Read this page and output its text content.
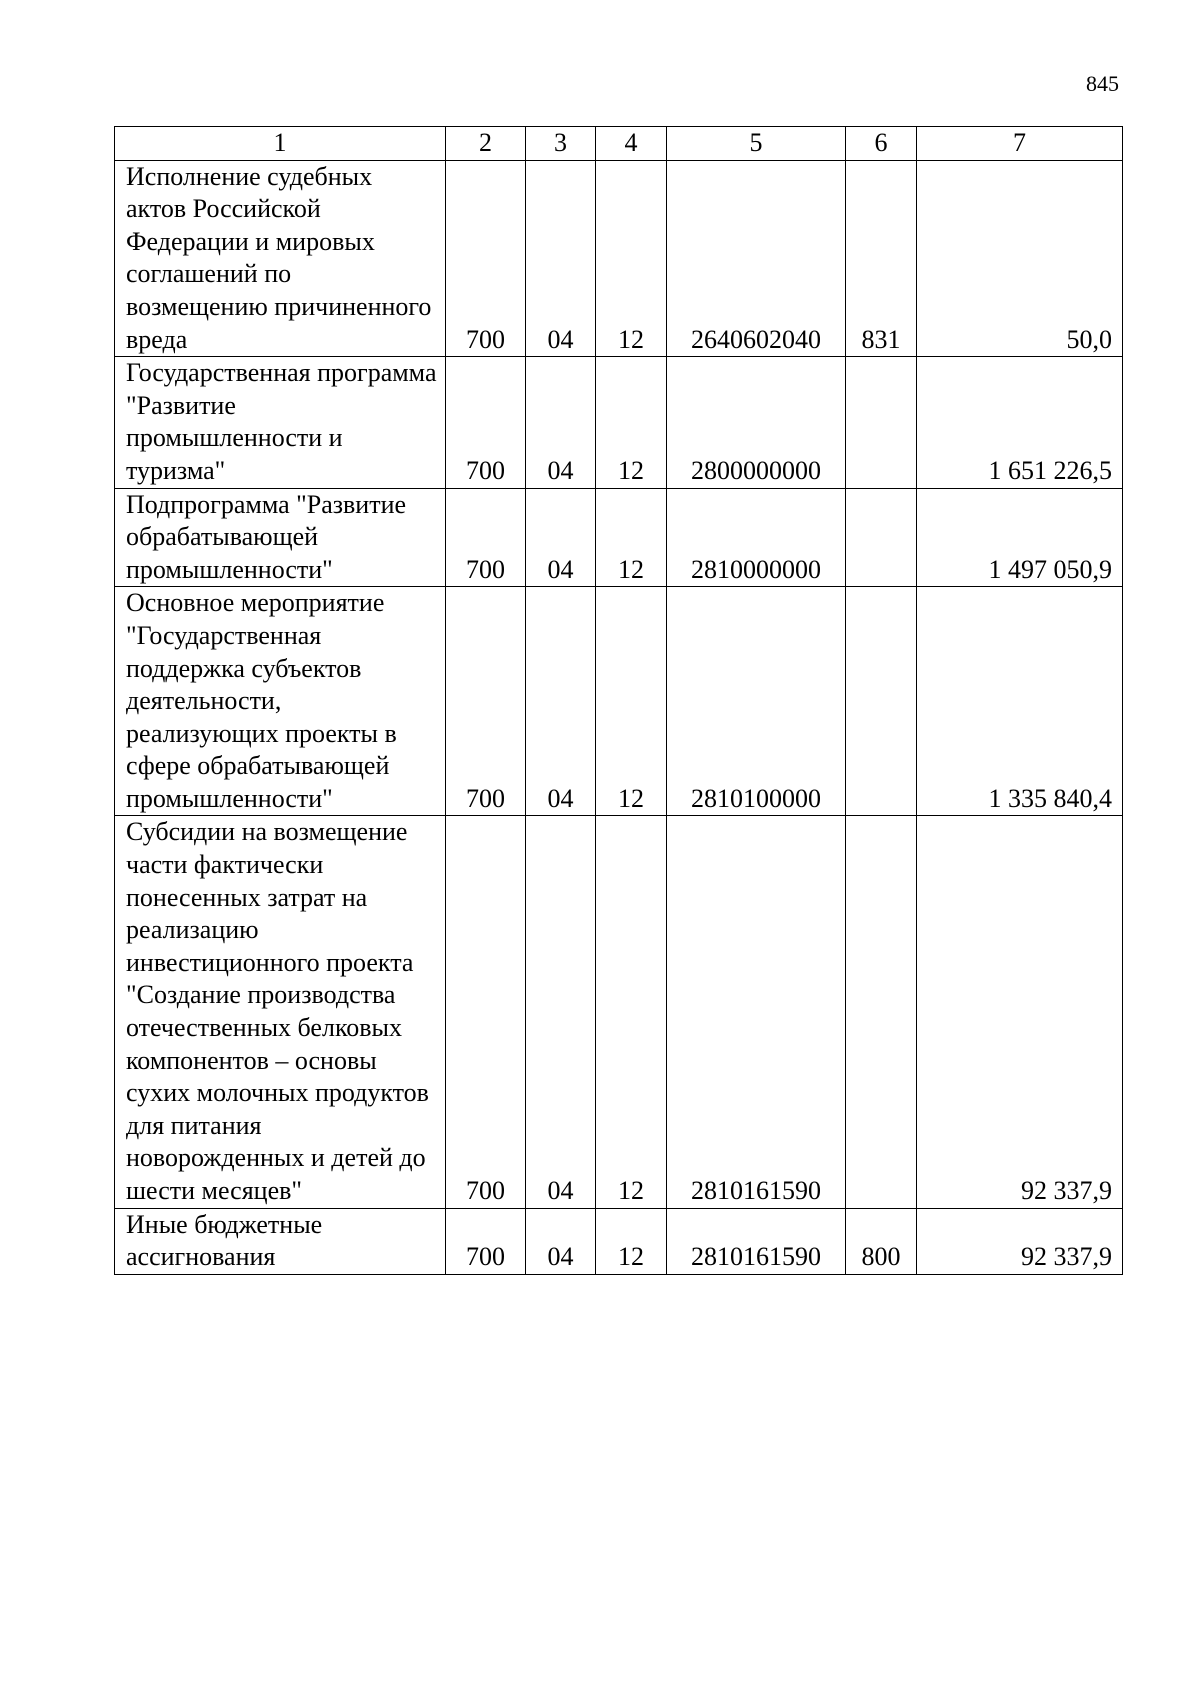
845
1	2	3	4	5	6	7
Исполнение судебных актов Российской Федерации и мировых соглашений по возмещению причиненного вреда	700	04	12	2640602040	831	50,0
Государственная программа "Развитие промышленности и туризма"	700	04	12	2800000000		1 651 226,5
Подпрограмма "Развитие обрабатывающей промышленности"	700	04	12	2810000000		1 497 050,9
Основное мероприятие "Государственная поддержка субъектов деятельности, реализующих проекты в сфере обрабатывающей промышленности"	700	04	12	2810100000		1 335 840,4
Субсидии на возмещение части фактически понесенных затрат на реализацию инвестиционного проекта "Создание производства отечественных белковых компонентов – основы сухих молочных продуктов для питания новорожденных и детей до шести месяцев"	700	04	12	2810161590		92 337,9
Иные бюджетные ассигнования	700	04	12	2810161590	800	92 337,9
